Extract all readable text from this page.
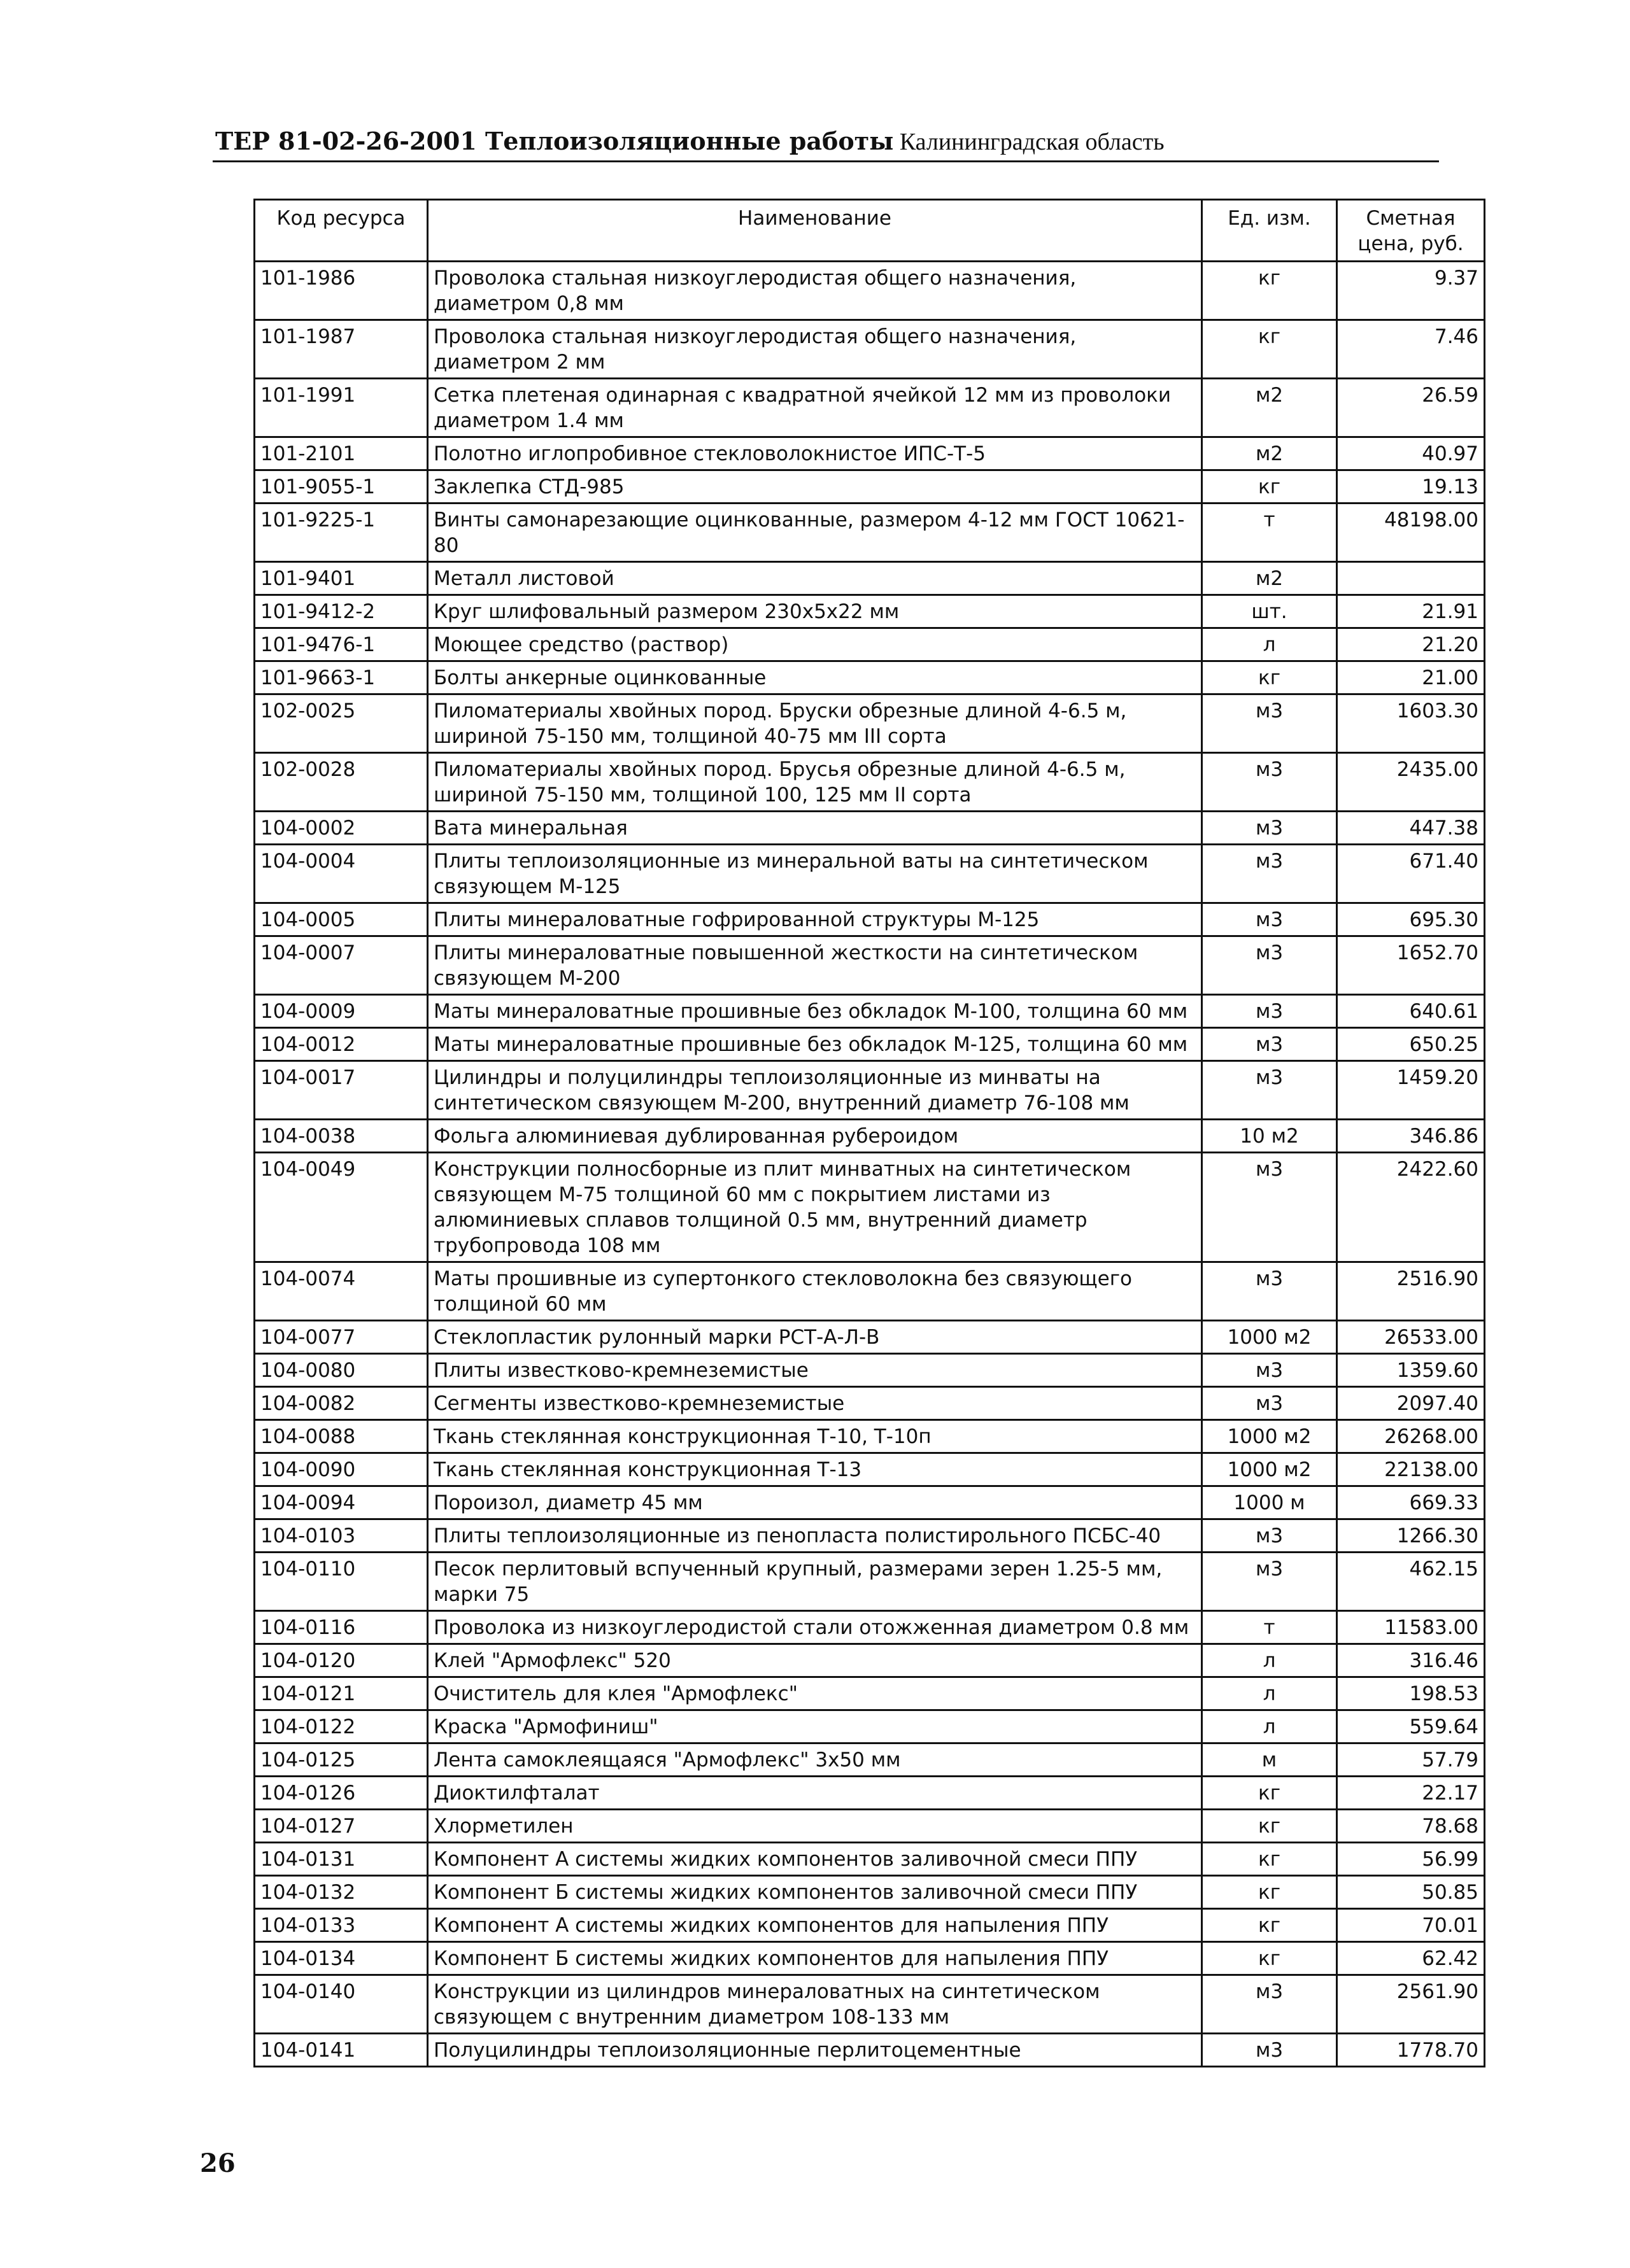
ТЕР 81-02-26-2001 Теплоизоляционные работы Калининградская область
Код ресурса	Наименование	Ед. изм.	Сметная цена, руб.
101-1986	Проволока стальная низкоуглеродистая общего назначения, диаметром 0,8 мм	кг	9.37
101-1987	Проволока стальная низкоуглеродистая общего назначения, диаметром 2 мм	кг	7.46
101-1991	Сетка плетеная одинарная с квадратной ячейкой 12 мм из проволоки диаметром 1.4 мм	м2	26.59
101-2101	Полотно иглопробивное стекловолокнистое ИПС-Т-5	м2	40.97
101-9055-1	Заклепка СТД-985	кг	19.13
101-9225-1	Винты самонарезающие оцинкованные, размером 4-12 мм ГОСТ 10621-80	т	48198.00
101-9401	Металл листовой	м2	
101-9412-2	Круг шлифовальный размером 230х5х22 мм	шт.	21.91
101-9476-1	Моющее средство (раствор)	л	21.20
101-9663-1	Болты анкерные оцинкованные	кг	21.00
102-0025	Пиломатериалы хвойных пород. Бруски обрезные длиной 4-6.5 м, шириной 75-150 мм, толщиной 40-75 мм III сорта	м3	1603.30
102-0028	Пиломатериалы хвойных пород. Брусья обрезные длиной 4-6.5 м, шириной 75-150 мм, толщиной 100, 125 мм II сорта	м3	2435.00
104-0002	Вата минеральная	м3	447.38
104-0004	Плиты теплоизоляционные из минеральной ваты на синтетическом связующем М-125	м3	671.40
104-0005	Плиты минераловатные гофрированной структуры М-125	м3	695.30
104-0007	Плиты минераловатные повышенной жесткости на синтетическом связующем М-200	м3	1652.70
104-0009	Маты минераловатные прошивные без обкладок М-100, толщина 60 мм	м3	640.61
104-0012	Маты минераловатные прошивные без обкладок М-125, толщина 60 мм	м3	650.25
104-0017	Цилиндры и полуцилиндры теплоизоляционные из минваты на синтетическом связующем М-200, внутренний диаметр 76-108 мм	м3	1459.20
104-0038	Фольга алюминиевая дублированная рубероидом	10 м2	346.86
104-0049	Конструкции полносборные из плит минватных на синтетическом связующем М-75 толщиной 60 мм с покрытием листами из алюминиевых сплавов толщиной 0.5 мм, внутренний диаметр трубопровода 108 мм	м3	2422.60
104-0074	Маты прошивные из супертонкого стекловолокна без связующего толщиной 60 мм	м3	2516.90
104-0077	Стеклопластик рулонный марки РСТ-А-Л-В	1000 м2	26533.00
104-0080	Плиты известково-кремнеземистые	м3	1359.60
104-0082	Сегменты известково-кремнеземистые	м3	2097.40
104-0088	Ткань стеклянная конструкционная Т-10, Т-10п	1000 м2	26268.00
104-0090	Ткань стеклянная конструкционная Т-13	1000 м2	22138.00
104-0094	Пороизол, диаметр 45 мм	1000 м	669.33
104-0103	Плиты теплоизоляционные из пенопласта полистирольного ПСБС-40	м3	1266.30
104-0110	Песок перлитовый вспученный крупный, размерами зерен 1.25-5 мм, марки 75	м3	462.15
104-0116	Проволока из низкоуглеродистой стали отожженная диаметром 0.8 мм	т	11583.00
104-0120	Клей "Армофлекс" 520	л	316.46
104-0121	Очиститель для клея "Армофлекс"	л	198.53
104-0122	Краска "Армофиниш"	л	559.64
104-0125	Лента самоклеящаяся "Армофлекс" 3х50 мм	м	57.79
104-0126	Диоктилфталат	кг	22.17
104-0127	Хлорметилен	кг	78.68
104-0131	Компонент А системы жидких компонентов заливочной смеси ППУ	кг	56.99
104-0132	Компонент Б системы жидких компонентов заливочной смеси ППУ	кг	50.85
104-0133	Компонент А системы жидких компонентов для напыления ППУ	кг	70.01
104-0134	Компонент Б системы жидких компонентов для напыления ППУ	кг	62.42
104-0140	Конструкции из цилиндров минераловатных на синтетическом связующем с внутренним диаметром 108-133 мм	м3	2561.90
104-0141	Полуцилиндры теплоизоляционные перлитоцементные	м3	1778.70
26
